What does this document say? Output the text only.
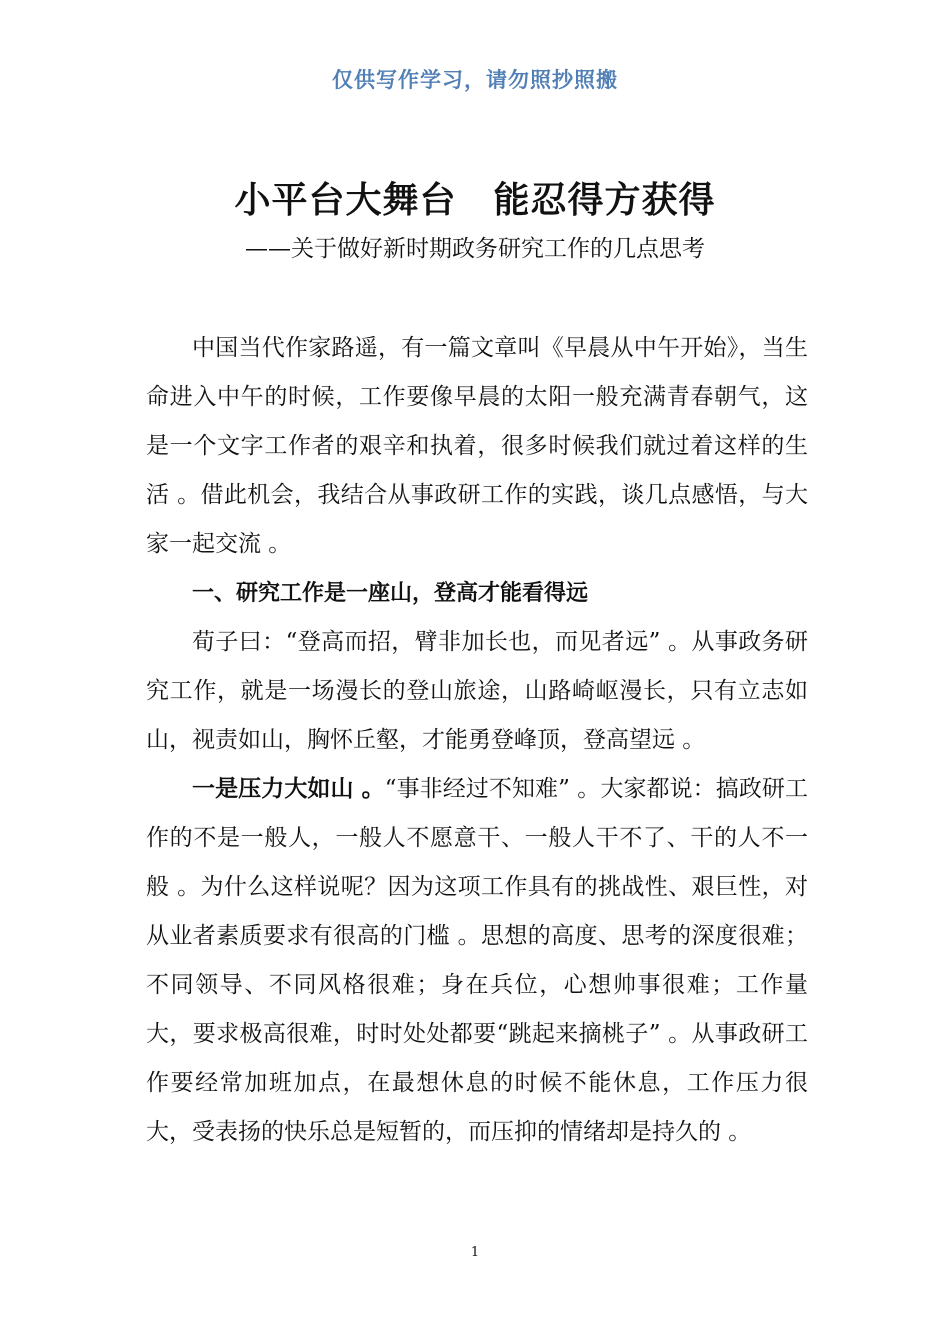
仅供写作学习，请勿照抄照搬
小平台大舞台　能忍得方获得
——关于做好新时期政务研究工作的几点思考

中国当代作家路遥，有一篇文章叫《早晨从中午开始》，当生命进入中午的时候，工作要像早晨的太阳一般充满青春朝气，这是一个文字工作者的艰辛和执着，很多时候我们就过着这样的生活 。借此机会，我结合从事政研工作的实践，谈几点感悟，与大家一起交流 。

一、研究工作是一座山，登高才能看得远

荀子曰：“登高而招，臂非加长也，而见者远” 。从事政务研究工作，就是一场漫长的登山旅途，山路崎岖漫长，只有立志如山，视责如山，胸怀丘壑，才能勇登峰顶，登高望远 。

一是压力大如山 。“事非经过不知难” 。大家都说：搞政研工作的不是一般人，一般人不愿意干、一般人干不了、干的人不一般 。为什么这样说呢？因为这项工作具有的挑战性、艰巨性，对从业者素质要求有很高的门槛 。思想的高度、思考的深度很难；不同领导、不同风格很难；身在兵位，心想帅事很难；工作量大，要求极高很难，时时处处都要“跳起来摘桃子” 。从事政研工作要经常加班加点，在最想休息的时候不能休息，工作压力很大，受表扬的快乐总是短暂的，而压抑的情绪却是持久的 。

1
